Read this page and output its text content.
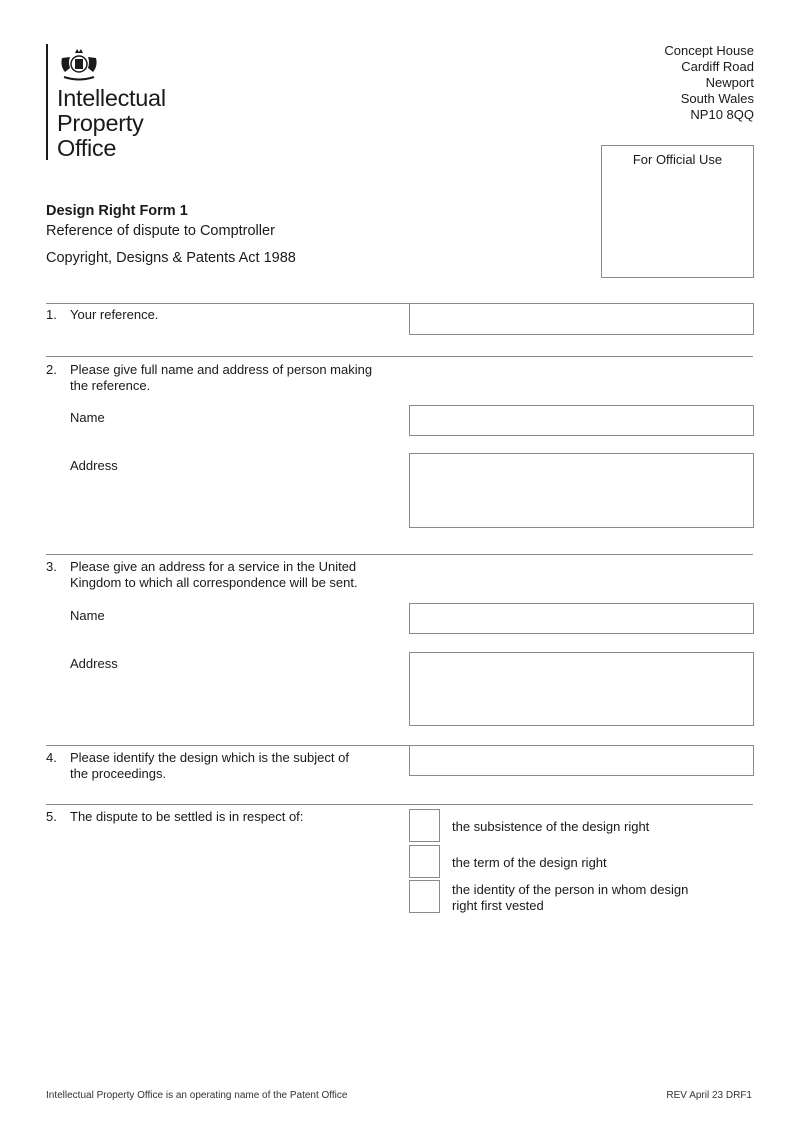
Intellectual
Property
Office
Concept House
Cardiff Road
Newport
South Wales
NP10 8QQ
For Official Use
Design Right Form 1
Reference of dispute to Comptroller
Copyright, Designs & Patents Act 1988
1. Your reference.
2. Please give full name and address of person making
the reference.
Name
Address
3. Please give an address for a service in the United
Kingdom to which all correspondence will be sent.
Name
Address
4. Please identify the design which is the subject of
the proceedings.
5. The dispute to be settled is in respect of:
the subsistence of the design right
the term of the design right
the identity of the person in whom design
right first vested
Intellectual Property Office is an operating name of the Patent Office	REV April 23 DRF1
